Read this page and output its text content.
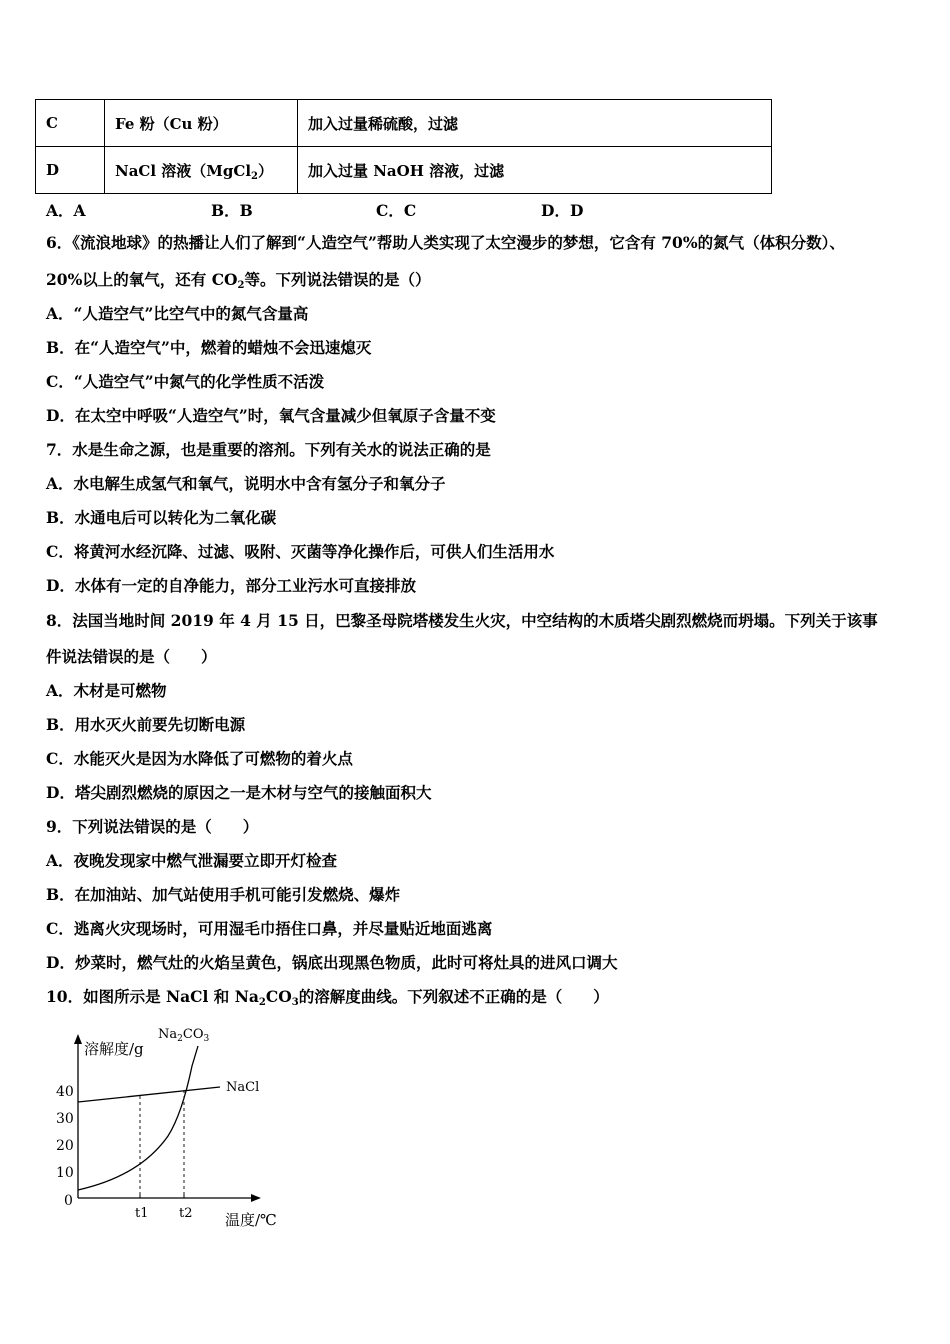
C	Fe 粉（Cu 粉）	加入过量稀硫酸，过滤
D	NaCl 溶液（MgCl$_2$）	加入过量 NaOH 溶液，过滤
A．A	B．B	C．C	D．D
6．《流浪地球》的热播让人们了解到“人造空气”帮助人类实现了太空漫步的梦想，它含有 70%的氮气（体积分数）、
20%以上的氧气，还有 $CO_2$等。下列说法错误的是（）
A．“人造空气”比空气中的氮气含量高
B．在“人造空气”中，燃着的蜡烛不会迅速熄灭
C．“人造空气”中氮气的化学性质不活泼
D．在太空中呼吸“人造空气”时，氧气含量减少但氧原子含量不变
7．水是生命之源，也是重要的溶剂。下列有关水的说法正确的是
A．水电解生成氢气和氧气，说明水中含有氢分子和氧分子
B．水通电后可以转化为二氧化碳
C．将黄河水经沉降、过滤、吸附、灭菌等净化操作后，可供人们生活用水
D．水体有一定的自净能力，部分工业污水可直接排放
8．法国当地时间 2019 年 4 月 15 日，巴黎圣母院塔楼发生火灾，中空结构的木质塔尖剧烈燃烧而坍塌。下列关于该事
件说法错误的是（　　）
A．木材是可燃物
B．用水灭火前要先切断电源
C．水能灭火是因为水降低了可燃物的着火点
D．塔尖剧烈燃烧的原因之一是木材与空气的接触面积大
9．下列说法错误的是（　　）
A．夜晚发现家中燃气泄漏要立即开灯检查
B．在加油站、加气站使用手机可能引发燃烧、爆炸
C．逃离火灾现场时，可用湿毛巾捂住口鼻，并尽量贴近地面逃离
D．炒菜时，燃气灶的火焰呈黄色，锅底出现黑色物质，此时可将灶具的进风口调大
10．如图所示是 NaCl 和 $Na_2CO_3$的溶解度曲线。下列叙述不正确的是（　　）
溶解度/g
温度/℃
40
30
20
10
0
t1 t2
NaCl
$Na_2CO_3$
